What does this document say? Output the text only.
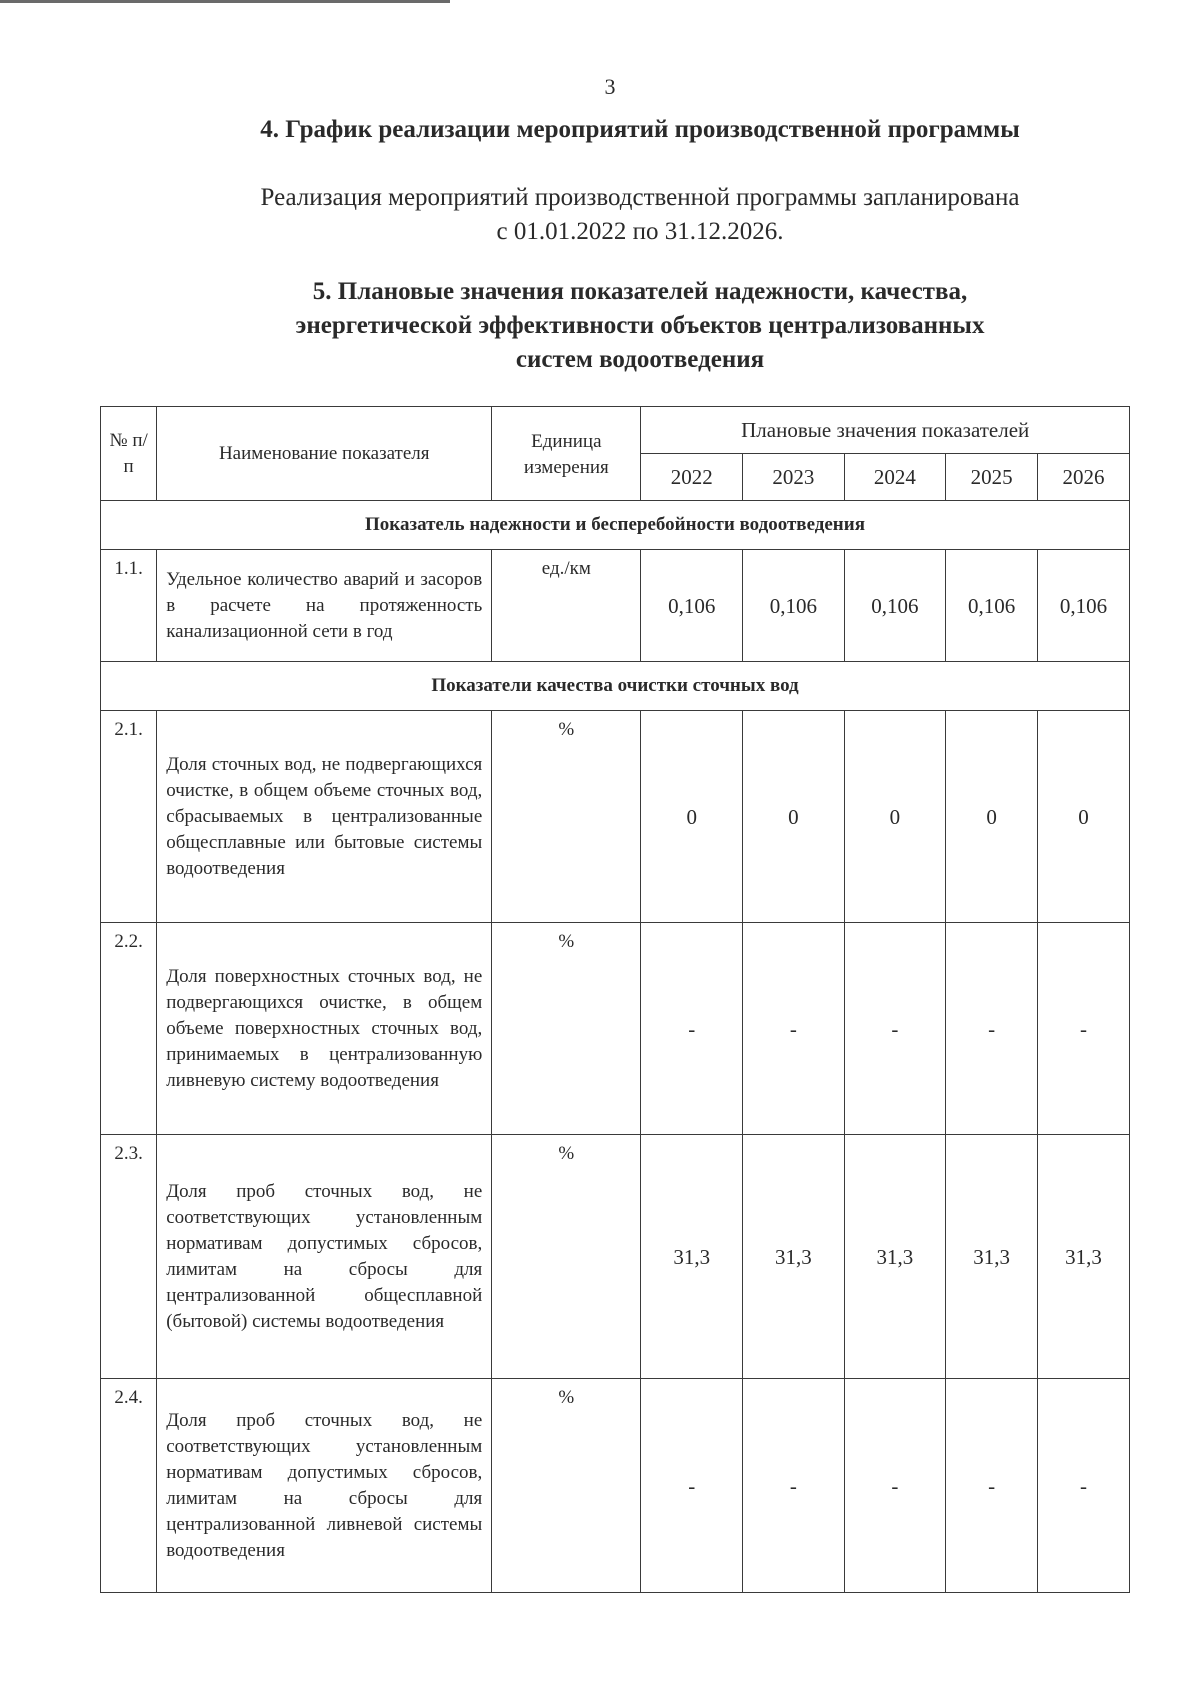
3
4. График реализации мероприятий производственной программы
Реализация мероприятий производственной программы запланирована
с 01.01.2022 по 31.12.2026.
5. Плановые значения показателей надежности, качества,
энергетической эффективности объектов централизованных
систем водоотведения
№ п/п	Наименование показателя	Единица измерения	Плановые значения показателей				
			2022	2023	2024	2025	2026
Показатель надежности и бесперебойности водоотведения							
1.1.	Удельное количество аварий и засоров в расчете на протяженность канализационной сети в год	ед./км	0,106	0,106	0,106	0,106	0,106
Показатели качества очистки сточных вод							
2.1.	Доля сточных вод, не подвергающихся очистке, в общем объеме сточных вод, сбрасываемых в централизованные общесплавные или бытовые системы водоотведения	%	0	0	0	0	0
2.2.	Доля поверхностных сточных вод, не подвергающихся очистке, в общем объеме поверхностных сточных вод, принимаемых в централизованную ливневую систему водоотведения	%	-	-	-	-	-
2.3.	Доля проб сточных вод, не соответствующих установленным нормативам допустимых сбросов, лимитам на сбросы для централизованной общесплавной (бытовой) системы водоотведения	%	31,3	31,3	31,3	31,3	31,3
2.4.	Доля проб сточных вод, не соответствующих установленным нормативам допустимых сбросов, лимитам на сбросы для централизованной ливневой системы водоотведения	%	-	-	-	-	-
